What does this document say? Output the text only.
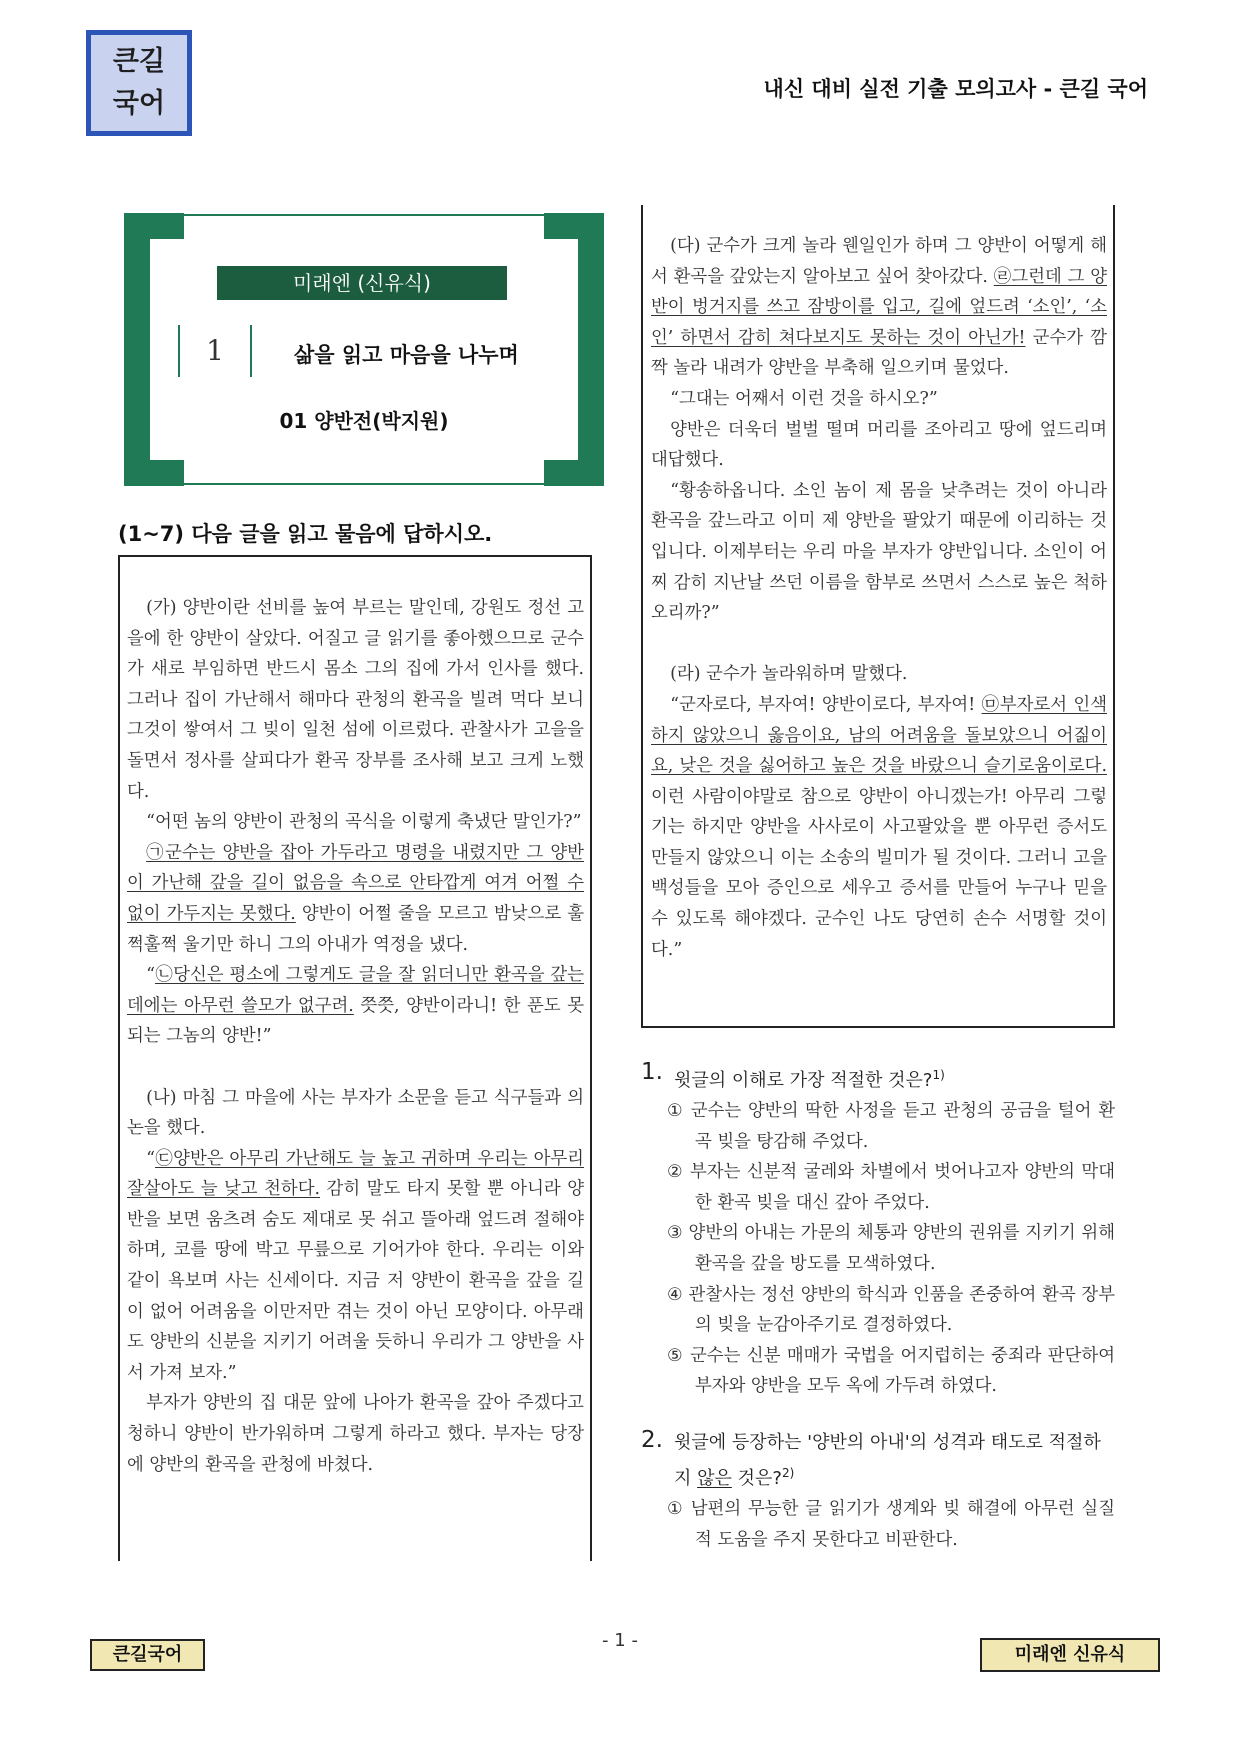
큰길
국어	내신 대비 실전 기출 모의고사 - 큰길 국어
미래엔 (신유식)
1	삶을 읽고 마음을 나누며
01 양반전(박지원)
(1~7) 다음 글을 읽고 물음에 답하시오.

(가) 양반이란 선비를 높여 부르는 말인데, 강원도 정선 고을에 한 양반이 살았다. 어질고 글 읽기를 좋아했으므로 군수가 새로 부임하면 반드시 몸소 그의 집에 가서 인사를 했다. 그러나 집이 가난해서 해마다 관청의 환곡을 빌려 먹다 보니 그것이 쌓여서 그 빚이 일천 섬에 이르렀다. 관찰사가 고을을 돌면서 정사를 살피다가 환곡 장부를 조사해 보고 크게 노했다.

“어떤 놈의 양반이 관청의 곡식을 이렇게 축냈단 말인가?”

㉠군수는 양반을 잡아 가두라고 명령을 내렸지만 그 양반이 가난해 갚을 길이 없음을 속으로 안타깝게 여겨 어쩔 수 없이 가두지는 못했다. 양반이 어쩔 줄을 모르고 밤낮으로 훌쩍훌쩍 울기만 하니 그의 아내가 역정을 냈다.

“㉡당신은 평소에 그렇게도 글을 잘 읽더니만 환곡을 갚는 데에는 아무런 쓸모가 없구려. 쯧쯧, 양반이라니! 한 푼도 못 되는 그놈의 양반!”

(나) 마침 그 마을에 사는 부자가 소문을 듣고 식구들과 의논을 했다.

“㉢양반은 아무리 가난해도 늘 높고 귀하며 우리는 아무리 잘살아도 늘 낮고 천하다. 감히 말도 타지 못할 뿐 아니라 양반을 보면 움츠려 숨도 제대로 못 쉬고 뜰아래 엎드려 절해야 하며, 코를 땅에 박고 무릎으로 기어가야 한다. 우리는 이와 같이 욕보며 사는 신세이다. 지금 저 양반이 환곡을 갚을 길이 없어 어려움을 이만저만 겪는 것이 아닌 모양이다. 아무래도 양반의 신분을 지키기 어려울 듯하니 우리가 그 양반을 사서 가져 보자.”

부자가 양반의 집 대문 앞에 나아가 환곡을 갚아 주겠다고 청하니 양반이 반가워하며 그렇게 하라고 했다. 부자는 당장에 양반의 환곡을 관청에 바쳤다.

(다) 군수가 크게 놀라 웬일인가 하며 그 양반이 어떻게 해서 환곡을 갚았는지 알아보고 싶어 찾아갔다. ㉣그런데 그 양반이 벙거지를 쓰고 잠방이를 입고, 길에 엎드려 ‘소인’, ‘소인’ 하면서 감히 쳐다보지도 못하는 것이 아닌가! 군수가 깜짝 놀라 내려가 양반을 부축해 일으키며 물었다.

“그대는 어째서 이런 것을 하시오?”

양반은 더욱더 벌벌 떨며 머리를 조아리고 땅에 엎드리며 대답했다.

“황송하옵니다. 소인 놈이 제 몸을 낮추려는 것이 아니라 환곡을 갚느라고 이미 제 양반을 팔았기 때문에 이리하는 것입니다. 이제부터는 우리 마을 부자가 양반입니다. 소인이 어찌 감히 지난날 쓰던 이름을 함부로 쓰면서 스스로 높은 척하오리까?”

(라) 군수가 놀라워하며 말했다.

“군자로다, 부자여! 양반이로다, 부자여! ㉤부자로서 인색하지 않았으니 옳음이요, 남의 어려움을 돌보았으니 어짊이요, 낮은 것을 싫어하고 높은 것을 바랐으니 슬기로움이로다. 이런 사람이야말로 참으로 양반이 아니겠는가! 아무리 그렇기는 하지만 양반을 사사로이 사고팔았을 뿐 아무런 증서도 만들지 않았으니 이는 소송의 빌미가 될 것이다. 그러니 고을 백성들을 모아 증인으로 세우고 증서를 만들어 누구나 믿을 수 있도록 해야겠다. 군수인 나도 당연히 손수 서명할 것이다.”

1. 윗글의 이해로 가장 적절한 것은?$^{1)}$
① 군수는 양반의 딱한 사정을 듣고 관청의 공금을 털어 환곡 빚을 탕감해 주었다.
② 부자는 신분적 굴레와 차별에서 벗어나고자 양반의 막대한 환곡 빚을 대신 갚아 주었다.
③ 양반의 아내는 가문의 체통과 양반의 권위를 지키기 위해 환곡을 갚을 방도를 모색하였다.
④ 관찰사는 정선 양반의 학식과 인품을 존중하여 환곡 장부의 빚을 눈감아주기로 결정하였다.
⑤ 군수는 신분 매매가 국법을 어지럽히는 중죄라 판단하여 부자와 양반을 모두 옥에 가두려 하였다.
2. 윗글에 등장하는 '양반의 아내'의 성격과 태도로 적절하지 않은 것은?$^{2)}$
① 남편의 무능한 글 읽기가 생계와 빚 해결에 아무런 실질적 도움을 주지 못한다고 비판한다.
큰길국어
- 1 -
미래엔 신유식
